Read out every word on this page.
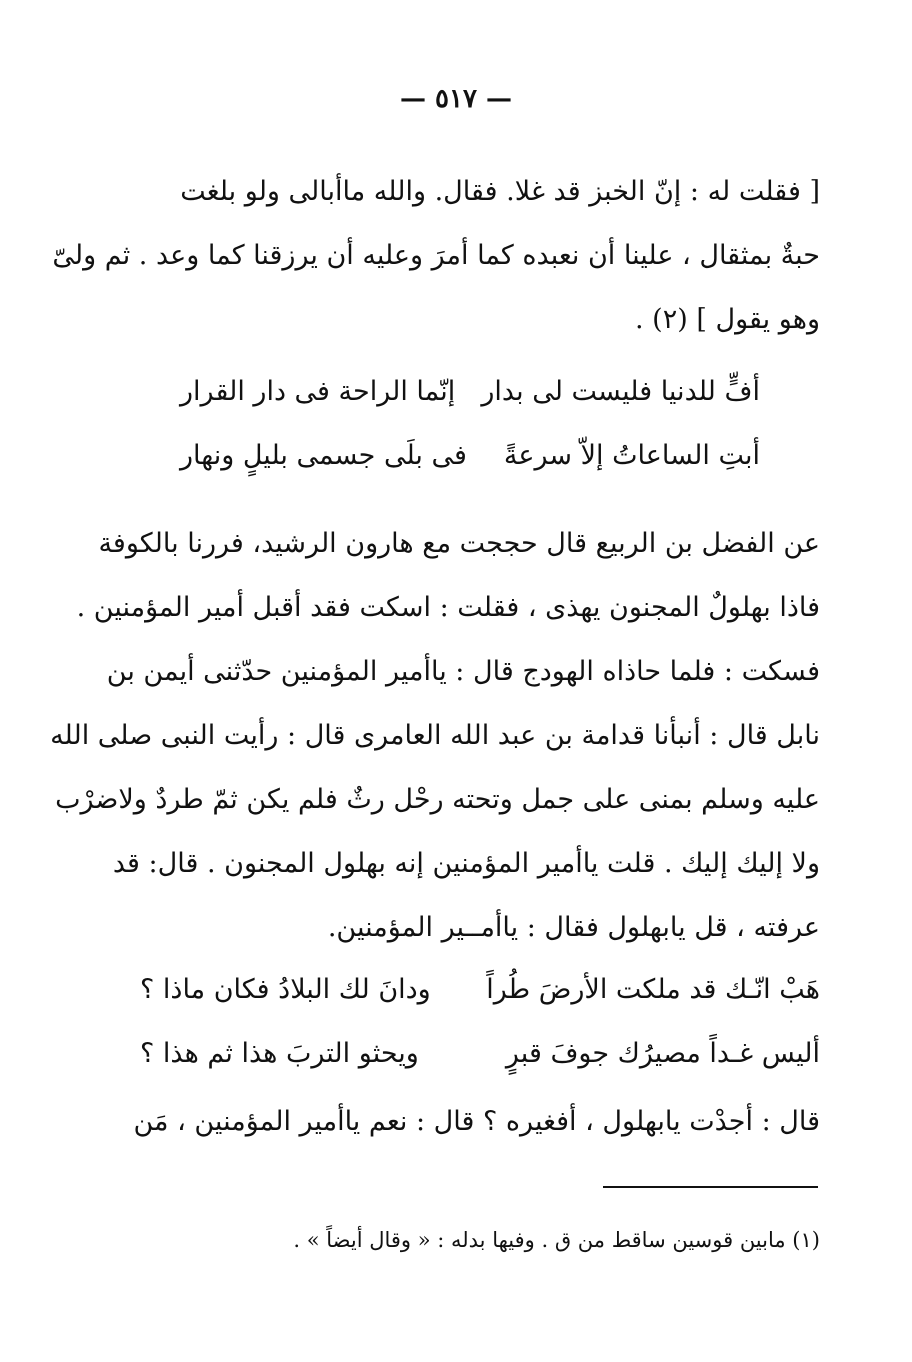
— ٥١٧ —
[ فقلت له : إنّ الخبز قد غلا. فقال. والله ماأبالى ولو بلغت
حبةٌ بمثقال ، علينا أن نعبده كما أمرَ وعليه أن يرزقنا كما وعد . ثم ولىّ
وهو يقول ] (٢) .
أفٍّ للدنيا فليست لى بدار
إنّما الراحة فى دار القرار
أبتِ الساعاتُ إلاّ سرعةً
فى بلَى جسمى بليلٍ ونهار
عن الفضل بن الربيع قال حججت مع هارون الرشيد، فررنا بالكوفة
فاذا بهلولٌ المجنون يهذى ، فقلت : اسكت فقد أقبل أمير المؤمنين .
فسكت : فلما حاذاه الهودج قال : ياأمير المؤمنين حدّثنى أيمن بن
نابل قال : أنبأنا قدامة بن عبد الله العامرى قال : رأيت النبى صلى الله
عليه وسلم بمنى على جمل وتحته رحْل رثٌ فلم يكن ثمّ طردٌ ولاضرْب
ولا إليك إليك . قلت ياأمير المؤمنين إنه بهلول المجنون . قال: قد
عرفته ، قل يابهلول فقال : ياأمــير المؤمنين.
هَبْ انّـك قد ملكت الأرضَ طُراً
ودانَ لك البلادُ فكان ماذا ؟
أليس غـداً مصيرُك جوفَ قبرٍ
ويحثو التربَ هذا ثم هذا ؟
قال : أجدْت يابهلول ، أفغيره ؟ قال : نعم ياأمير المؤمنين ، مَن
(١) مابين قوسين ساقط من ق . وفيها بدله : « وقال أيضاً » .
